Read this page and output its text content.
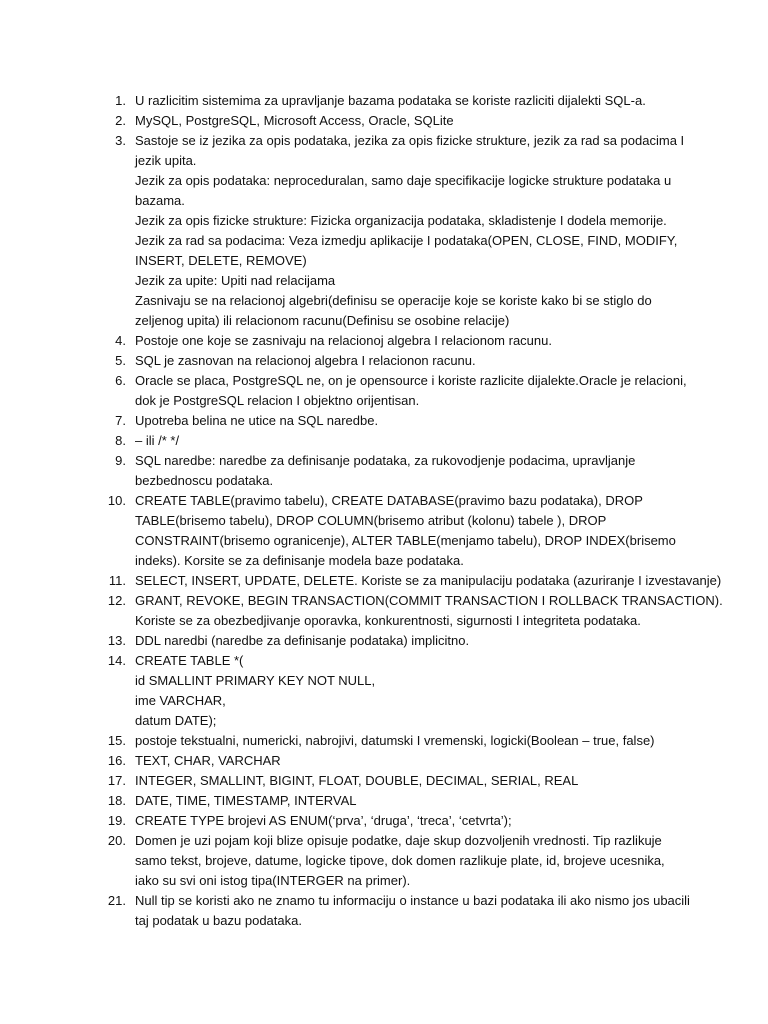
1. U razlicitim sistemima za upravljanje bazama podataka se koriste razliciti dijalekti SQL-a.
2. MySQL, PostgreSQL, Microsoft Access, Oracle, SQLite
3. Sastoje se iz jezika za opis podataka, jezika za opis fizicke strukture, jezik za rad sa podacima I
jezik upita.
Jezik za opis podataka: neproceduralan, samo daje specifikacije logicke strukture podataka u
bazama.
Jezik za opis fizicke strukture: Fizicka organizacija podataka, skladistenje I dodela memorije.
Jezik za rad sa podacima: Veza izmedju aplikacije I podataka(OPEN, CLOSE, FIND, MODIFY,
INSERT, DELETE, REMOVE)
Jezik za upite: Upiti nad relacijama
Zasnivaju se na relacionoj algebri(definisu se operacije koje se koriste kako bi se stiglo do
zeljenog upita) ili relacionom racunu(Definisu se osobine relacije)
4. Postoje one koje se zasnivaju na relacionoj algebra I relacionom racunu.
5. SQL je zasnovan na relacionoj algebra I relacionon racunu.
6. Oracle se placa, PostgreSQL ne, on je opensource i koriste razlicite dijalekte.Oracle je relacioni,
dok je PostgreSQL relacion I objektno orijentisan.
7. Upotreba belina ne utice na SQL naredbe.
8. – ili /* */
9. SQL naredbe: naredbe za definisanje podataka, za rukovodjenje podacima, upravljanje
bezbednoscu podataka.
10. CREATE TABLE(pravimo tabelu), CREATE DATABASE(pravimo bazu podataka), DROP
TABLE(brisemo tabelu), DROP COLUMN(brisemo atribut (kolonu) tabele ), DROP
CONSTRAINT(brisemo ogranicenje), ALTER TABLE(menjamo tabelu), DROP INDEX(brisemo
indeks). Korsite se za definisanje modela baze podataka.
11. SELECT, INSERT, UPDATE, DELETE. Koriste se za manipulaciju podataka (azuriranje I izvestavanje)
12. GRANT, REVOKE, BEGIN TRANSACTION(COMMIT TRANSACTION I ROLLBACK TRANSACTION).
Koriste se za obezbedjivanje oporavka, konkurentnosti, sigurnosti I integriteta podataka.
13. DDL naredbi (naredbe za definisanje podataka) implicitno.
14. CREATE TABLE *(
id SMALLINT PRIMARY KEY NOT NULL,
ime VARCHAR,
datum DATE);
15. postoje tekstualni, numericki, nabrojivi, datumski I vremenski, logicki(Boolean – true, false)
16. TEXT, CHAR, VARCHAR
17. INTEGER, SMALLINT, BIGINT, FLOAT, DOUBLE, DECIMAL, SERIAL, REAL
18. DATE, TIME, TIMESTAMP, INTERVAL
19. CREATE TYPE brojevi AS ENUM(‘prva’, ‘druga’, ‘treca’, ‘cetvrta’);
20. Domen je uzi pojam koji blize opisuje podatke, daje skup dozvoljenih vrednosti. Tip razlikuje
samo tekst, brojeve, datume, logicke tipove, dok domen razlikuje plate, id, brojeve ucesnika,
iako su svi oni istog tipa(INTERGER na primer).
21. Null tip se koristi ako ne znamo tu informaciju o instance u bazi podataka ili ako nismo jos ubacili
taj podatak u bazu podataka.
